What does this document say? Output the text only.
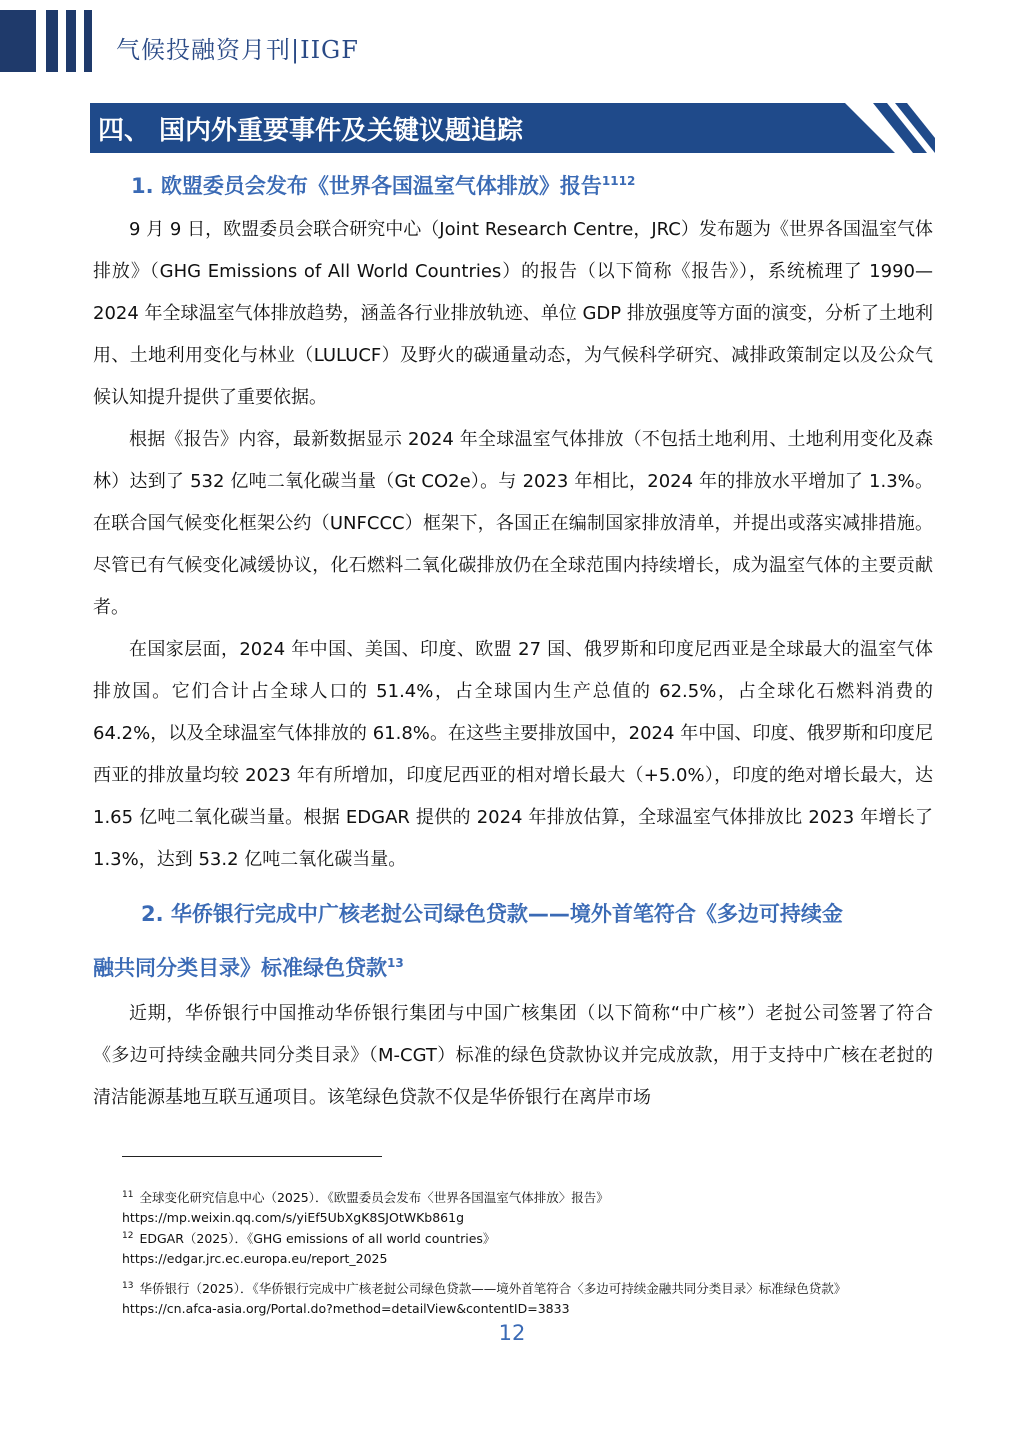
气候投融资月刊|IIGF
四、 国内外重要事件及关键议题追踪
1. 欧盟委员会发布《世界各国温室气体排放》报告$^{1112}$

9 月 9 日，欧盟委员会联合研究中心（Joint Research Centre，JRC）发布题为《世界各国温室气体排放》（GHG Emissions of All World Countries）的报告（以下简称《报告》），系统梳理了 1990—2024 年全球温室气体排放趋势，涵盖各行业排放轨迹、单位 GDP 排放强度等方面的演变，分析了土地利用、土地利用变化与林业（LULUCF）及野火的碳通量动态，为气候科学研究、减排政策制定以及公众气候认知提升提供了重要依据。

根据《报告》内容，最新数据显示 2024 年全球温室气体排放（不包括土地利用、土地利用变化及森林）达到了 532 亿吨二氧化碳当量（Gt CO2e）。与 2023 年相比，2024 年的排放水平增加了 1.3%。在联合国气候变化框架公约（UNFCCC）框架下，各国正在编制国家排放清单，并提出或落实减排措施。尽管已有气候变化减缓协议，化石燃料二氧化碳排放仍在全球范围内持续增长，成为温室气体的主要贡献者。

在国家层面，2024 年中国、美国、印度、欧盟 27 国、俄罗斯和印度尼西亚是全球最大的温室气体排放国。它们合计占全球人口的 51.4%，占全球国内生产总值的 62.5%，占全球化石燃料消费的 64.2%，以及全球温室气体排放的 61.8%。在这些主要排放国中，2024 年中国、印度、俄罗斯和印度尼西亚的排放量均较 2023 年有所增加，印度尼西亚的相对增长最大（+5.0%），印度的绝对增长最大，达 1.65 亿吨二氧化碳当量。根据 EDGAR 提供的 2024 年排放估算，全球温室气体排放比 2023 年增长了 1.3%，达到 53.2 亿吨二氧化碳当量。

2. 华侨银行完成中广核老挝公司绿色贷款——境外首笔符合《多边可持续金
融共同分类目录》标准绿色贷款$^{13}$

近期，华侨银行中国推动华侨银行集团与中国广核集团（以下简称“中广核”）老挝公司签署了符合《多边可持续金融共同分类目录》（M-CGT）标准的绿色贷款协议并完成放款，用于支持中广核在老挝的清洁能源基地互联互通项目。该笔绿色贷款不仅是华侨银行在离岸市场

$^{11}$ 全球变化研究信息中心（2025）．《欧盟委员会发布〈世界各国温室气体排放〉报告》
https://mp.weixin.qq.com/s/yiEf5UbXgK8SJOtWKb861g
$^{12}$ EDGAR（2025）．《GHG emissions of all world countries》
https://edgar.jrc.ec.europa.eu/report_2025
$^{13}$ 华侨银行（2025）．《华侨银行完成中广核老挝公司绿色贷款——境外首笔符合〈多边可持续金融共同分类目录〉标准绿色贷款》
https://cn.afca-asia.org/Portal.do?method=detailView&contentID=3833
12
